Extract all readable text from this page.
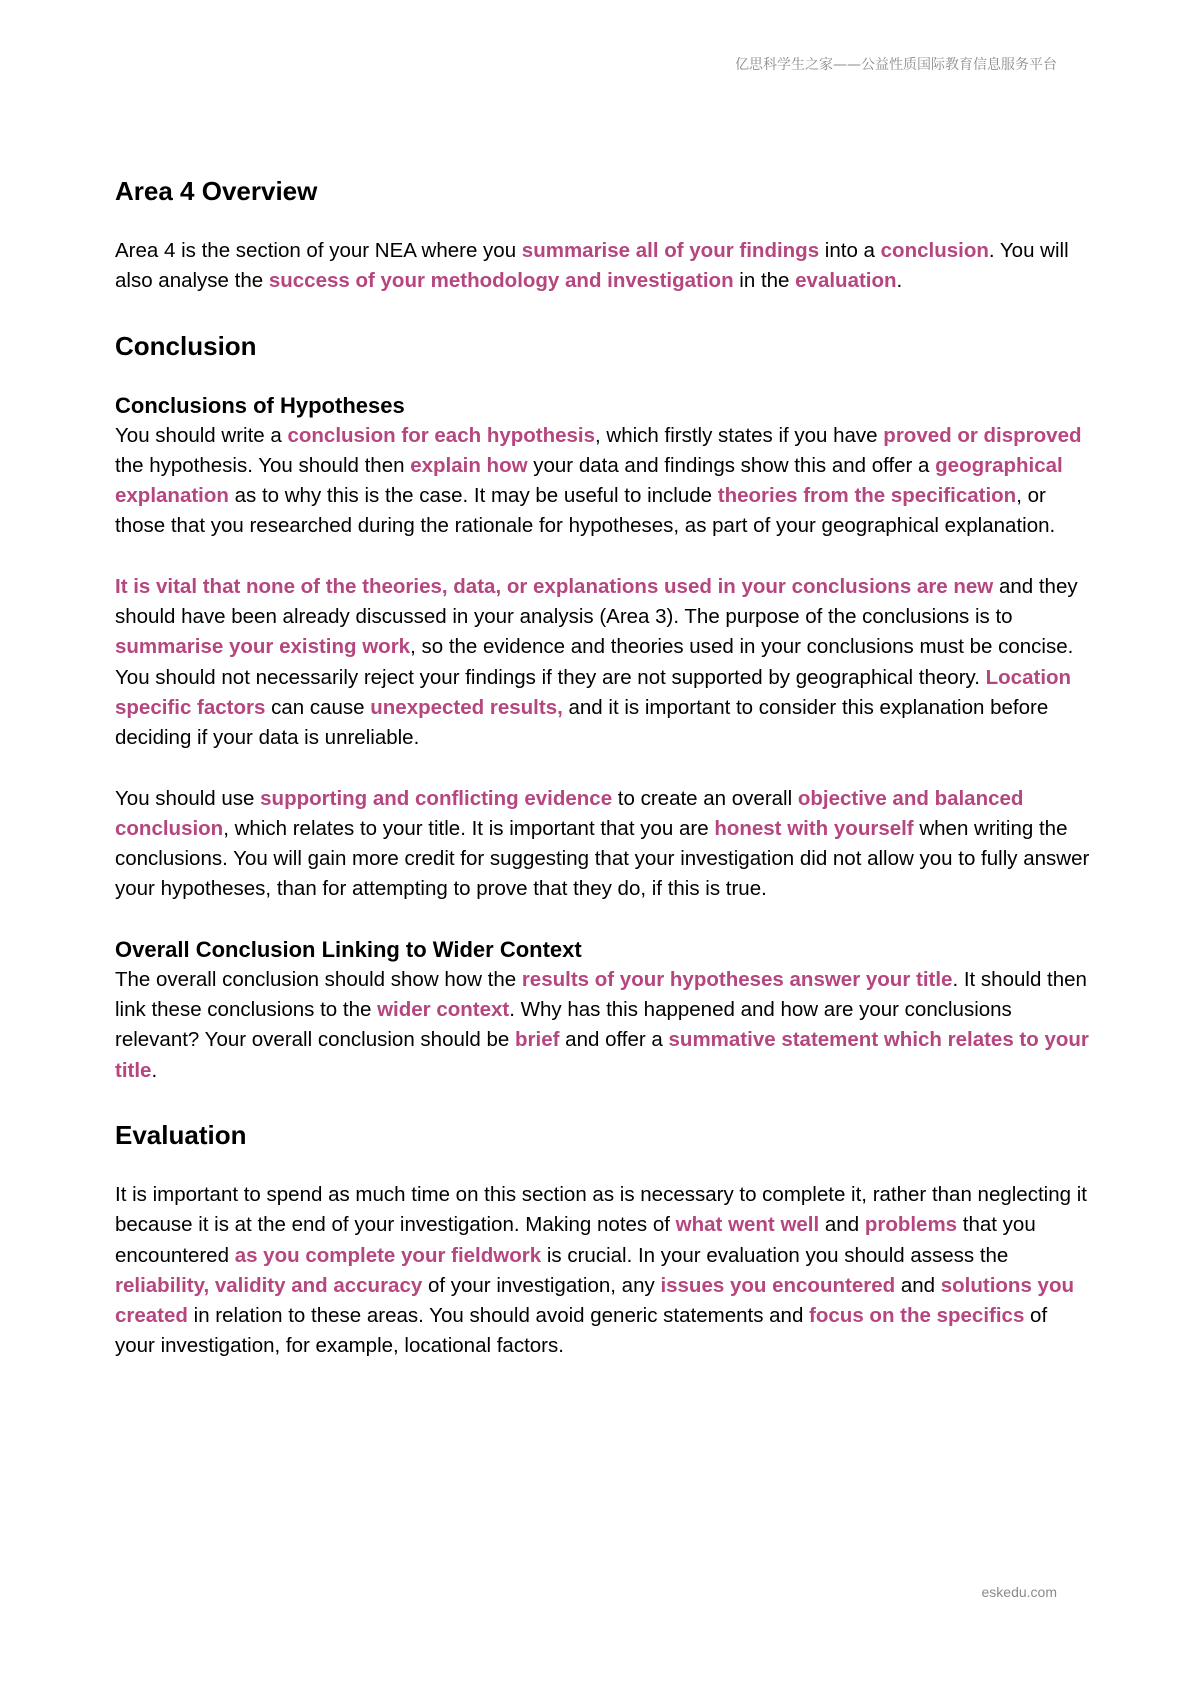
亿思科学生之家——公益性质国际教育信息服务平台
Area 4 Overview

Area 4 is the section of your NEA where you summarise all of your findings into a conclusion. You will also analyse the success of your methodology and investigation in the evaluation.

Conclusion
Conclusions of Hypotheses

You should write a conclusion for each hypothesis, which firstly states if you have proved or disproved the hypothesis. You should then explain how your data and findings show this and offer a geographical explanation as to why this is the case. It may be useful to include theories from the specification, or those that you researched during the rationale for hypotheses, as part of your geographical explanation.

It is vital that none of the theories, data, or explanations used in your conclusions are new and they should have been already discussed in your analysis (Area 3). The purpose of the conclusions is to summarise your existing work, so the evidence and theories used in your conclusions must be concise. You should not necessarily reject your findings if they are not supported by geographical theory. Location specific factors can cause unexpected results, and it is important to consider this explanation before deciding if your data is unreliable.

You should use supporting and conflicting evidence to create an overall objective and balanced conclusion, which relates to your title. It is important that you are honest with yourself when writing the conclusions. You will gain more credit for suggesting that your investigation did not allow you to fully answer your hypotheses, than for attempting to prove that they do, if this is true.

Overall Conclusion Linking to Wider Context

The overall conclusion should show how the results of your hypotheses answer your title. It should then link these conclusions to the wider context. Why has this happened and how are your conclusions relevant? Your overall conclusion should be brief and offer a summative statement which relates to your title.

Evaluation

It is important to spend as much time on this section as is necessary to complete it, rather than neglecting it because it is at the end of your investigation. Making notes of what went well and problems that you encountered as you complete your fieldwork is crucial. In your evaluation you should assess the reliability, validity and accuracy of your investigation, any issues you encountered and solutions you created in relation to these areas. You should avoid generic statements and focus on the specifics of your investigation, for example, locational factors.

eskedu.com
